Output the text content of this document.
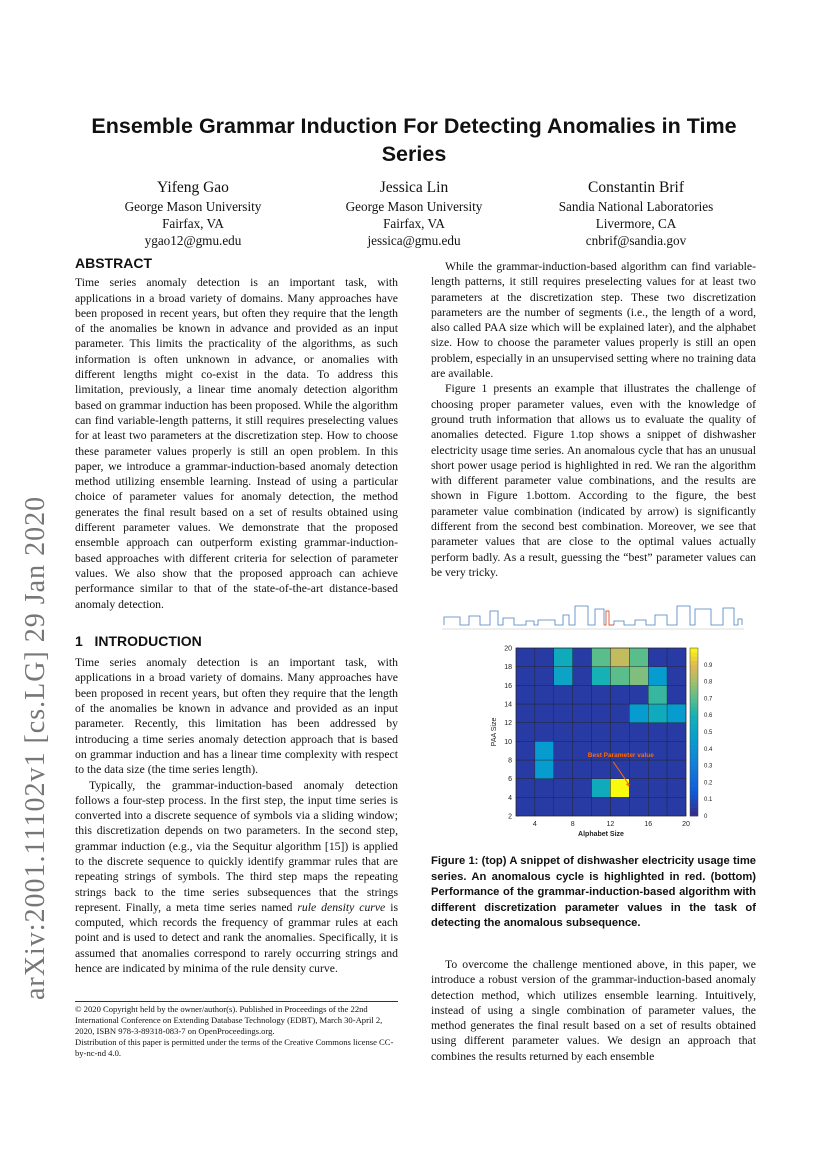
arXiv:2001.11102v1 [cs.LG] 29 Jan 2020
Ensemble Grammar Induction For Detecting Anomalies in Time Series
Yifeng Gao
George Mason University
Fairfax, VA
ygao12@gmu.edu
Jessica Lin
George Mason University
Fairfax, VA
jessica@gmu.edu
Constantin Brif
Sandia National Laboratories
Livermore, CA
cnbrif@sandia.gov
ABSTRACT

Time series anomaly detection is an important task, with applications in a broad variety of domains. Many approaches have been proposed in recent years, but often they require that the length of the anomalies be known in advance and provided as an input parameter. This limits the practicality of the algorithms, as such information is often unknown in advance, or anomalies with different lengths might co-exist in the data. To address this limitation, previously, a linear time anomaly detection algorithm based on grammar induction has been proposed. While the algorithm can find variable-length patterns, it still requires preselecting values for at least two parameters at the discretization step. How to choose these parameter values properly is still an open problem. In this paper, we introduce a grammar-induction-based anomaly detection method utilizing ensemble learning. Instead of using a particular choice of parameter values for anomaly detection, the method generates the final result based on a set of results obtained using different parameter values. We demonstrate that the proposed ensemble approach can outperform existing grammar-induction-based approaches with different criteria for selection of parameter values. We also show that the proposed approach can achieve performance similar to that of the state-of-the-art distance-based anomaly detection.

1 INTRODUCTION

Time series anomaly detection is an important task, with applications in a broad variety of domains. Many approaches have been proposed in recent years, but often they require that the length of the anomalies be known in advance and provided as an input parameter. Recently, this limitation has been addressed by introducing a time series anomaly detection approach that is based on grammar induction and has a linear time complexity with respect to the data size (the time series length).

Typically, the grammar-induction-based anomaly detection follows a four-step process. In the first step, the input time series is converted into a discrete sequence of symbols via a sliding window; this discretization depends on two parameters. In the second step, grammar induction (e.g., via the Sequitur algorithm [15]) is applied to the discrete sequence to quickly identify grammar rules that are repeating strings of symbols. The third step maps the repeating strings back to the time series subsequences that the strings represent. Finally, a meta time series named rule density curve is computed, which records the frequency of grammar rules at each point and is used to detect and rank the anomalies. Specifically, it is assumed that anomalies correspond to rarely occurring strings and hence are indicated by minima of the rule density curve.

© 2020 Copyright held by the owner/author(s). Published in Proceedings of the 22nd International Conference on Extending Database Technology (EDBT), March 30-April 2, 2020, ISBN 978-3-89318-083-7 on OpenProceedings.org.
Distribution of this paper is permitted under the terms of the Creative Commons license CC-by-nc-nd 4.0.

While the grammar-induction-based algorithm can find variable-length patterns, it still requires preselecting values for at least two parameters at the discretization step. These two discretization parameters are the number of segments (i.e., the length of a word, also called PAA size which will be explained later), and the alphabet size. How to choose the parameter values properly is still an open problem, especially in an unsupervised setting where no training data are available.

Figure 1 presents an example that illustrates the challenge of choosing proper parameter values, even with the knowledge of ground truth information that allows us to evaluate the quality of anomalies detected. Figure 1.top shows a snippet of dishwasher electricity usage time series. An anomalous cycle that has an unusual short power usage period is highlighted in red. We ran the algorithm with different parameter value combinations, and the results are shown in Figure 1.bottom. According to the figure, the best parameter value combination (indicated by arrow) is significantly different from the second best combination. Moreover, we see that parameter values that are close to the optimal values actually perform badly. As a result, guessing the “best” parameter values can be very tricky.

4	8	12	16	20
2
4
6
8
10
12
14
16
18
20
Alphabet Size
PAA Size
0
0.1
0.2
0.3
0.4
0.5
0.6
0.7
0.8
0.9
Best Parameter value
Figure 1: (top) A snippet of dishwasher electricity usage time series. An anomalous cycle is highlighted in red. (bottom) Performance of the grammar-induction-based algorithm with different discretization parameter values in the task of detecting the anomalous subsequence.

To overcome the challenge mentioned above, in this paper, we introduce a robust version of the grammar-induction-based anomaly detection method, which utilizes ensemble learning. Intuitively, instead of using a single combination of parameter values, the method generates the final result based on a set of results obtained using different parameter values. We design an approach that combines the results returned by each ensemble
